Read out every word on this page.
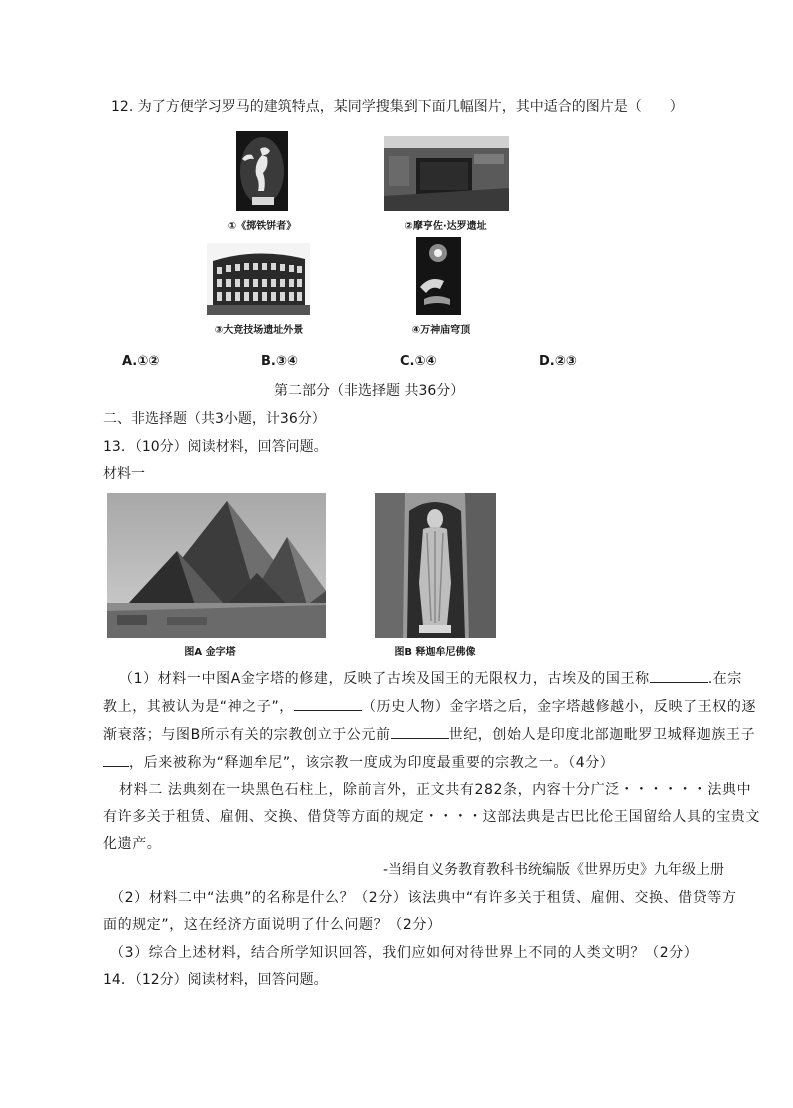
12. 为了方便学习罗马的建筑特点，某同学搜集到下面几幅图片，其中适合的图片是（　　）
①《掷铁饼者》	②摩亨佐·达罗遗址
③大竞技场遗址外景	④万神庙穹顶
A.①②	B.③④	C.①④	D.②③
第二部分（非选择题 共36分）
二、非选择题（共3小题，计36分）
13．（10分）阅读材料，回答问题。
材料一
图A 金字塔	图B 释迦牟尼佛像
（1）材料一中图A金字塔的修建，反映了古埃及国王的无限权力，古埃及的国王称	.在宗
教上，其被认为是“神之子”，	（历史人物）金字塔之后，金字塔越修越小，反映了王权的逐
渐衰落；与图B所示有关的宗教创立于公元前	世纪，创始人是印度北部迦毗罗卫城释迦族王子
，后来被称为“释迦牟尼”，该宗教一度成为印度最重要的宗教之一。（4分）
材料二 法典刻在一块黑色石柱上，除前言外，正文共有282条，内容十分广泛・・・・・・法典中
有许多关于租赁、雇佣、交换、借贷等方面的规定・・・・这部法典是古巴比伦王国留给人具的宝贵文
化遗产。
-当绢自义务教育教科书统编版《世界历史》九年级上册
（2）材料二中“法典”的名称是什么？（2分）该法典中“有许多关于租赁、雇佣、交换、借贷等方
面的规定”，这在经济方面说明了什么问题？（2分）
（3）综合上述材料，结合所学知识回答，我们应如何对待世界上不同的人类文明？（2分）
14．（12分）阅读材料，回答问题。
